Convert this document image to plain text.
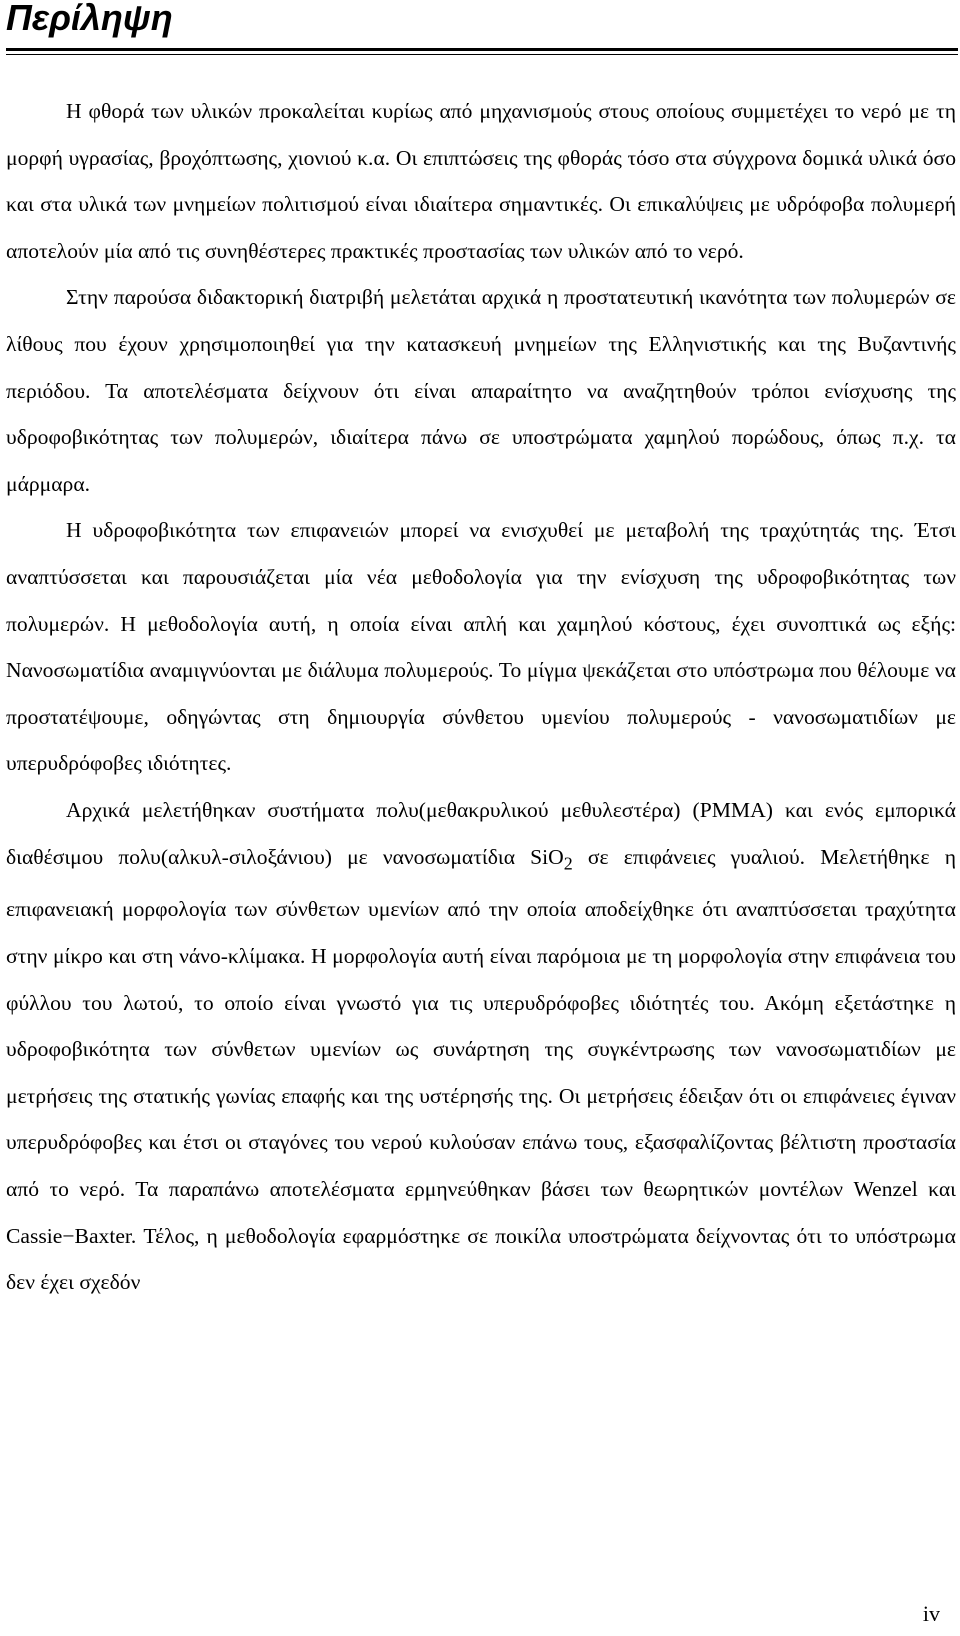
Περίληψη

Η φθορά των υλικών προκαλείται κυρίως από μηχανισμούς στους οποίους συμμετέχει το νερό με τη μορφή υγρασίας, βροχόπτωσης, χιονιού κ.α. Οι επιπτώσεις της φθοράς τόσο στα σύγχρονα δομικά υλικά όσο και στα υλικά των μνημείων πολιτισμού είναι ιδιαίτερα σημαντικές. Οι επικαλύψεις με υδρόφοβα πολυμερή αποτελούν μία από τις συνηθέστερες πρακτικές προστασίας των υλικών από το νερό.

Στην παρούσα διδακτορική διατριβή μελετάται αρχικά η προστατευτική ικανότητα των πολυμερών σε λίθους που έχουν χρησιμοποιηθεί για την κατασκευή μνημείων της Ελληνιστικής και της Βυζαντινής περιόδου. Τα αποτελέσματα δείχνουν ότι είναι απαραίτητο να αναζητηθούν τρόποι ενίσχυσης της υδροφοβικότητας των πολυμερών, ιδιαίτερα πάνω σε υποστρώματα χαμηλού πορώδους, όπως π.χ. τα μάρμαρα.

Η υδροφοβικότητα των επιφανειών μπορεί να ενισχυθεί με μεταβολή της τραχύτητάς της. Έτσι αναπτύσσεται και παρουσιάζεται μία νέα μεθοδολογία για την ενίσχυση της υδροφοβικότητας των πολυμερών. Η μεθοδολογία αυτή, η οποία είναι απλή και χαμηλού κόστους, έχει συνοπτικά ως εξής: Νανοσωματίδια αναμιγνύονται με διάλυμα πολυμερούς. Το μίγμα ψεκάζεται στο υπόστρωμα που θέλουμε να προστατέψουμε, οδηγώντας στη δημιουργία σύνθετου υμενίου πολυμερούς - νανοσωματιδίων με υπερυδρόφοβες ιδιότητες.

Αρχικά μελετήθηκαν συστήματα πολυ(μεθακρυλικού μεθυλεστέρα) (PMMA) και ενός εμπορικά διαθέσιμου πολυ(αλκυλ-σιλοξάνιου) με νανοσωματίδια SiO$_2$ σε επιφάνειες γυαλιού. Μελετήθηκε η επιφανειακή μορφολογία των σύνθετων υμενίων από την οποία αποδείχθηκε ότι αναπτύσσεται τραχύτητα στην μίκρο και στη νάνο-κλίμακα. Η μορφολογία αυτή είναι παρόμοια με τη μορφολογία στην επιφάνεια του φύλλου του λωτού, το οποίο είναι γνωστό για τις υπερυδρόφοβες ιδιότητές του. Ακόμη εξετάστηκε η υδροφοβικότητα των σύνθετων υμενίων ως συνάρτηση της συγκέντρωσης των νανοσωματιδίων με μετρήσεις της στατικής γωνίας επαφής και της υστέρησής της. Οι μετρήσεις έδειξαν ότι οι επιφάνειες έγιναν υπερυδρόφοβες και έτσι οι σταγόνες του νερού κυλούσαν επάνω τους, εξασφαλίζοντας βέλτιστη προστασία από το νερό. Τα παραπάνω αποτελέσματα ερμηνεύθηκαν βάσει των θεωρητικών μοντέλων Wenzel και Cassie−Baxter. Τέλος, η μεθοδολογία εφαρμόστηκε σε ποικίλα υποστρώματα δείχνοντας ότι το υπόστρωμα δεν έχει σχεδόν

iv
